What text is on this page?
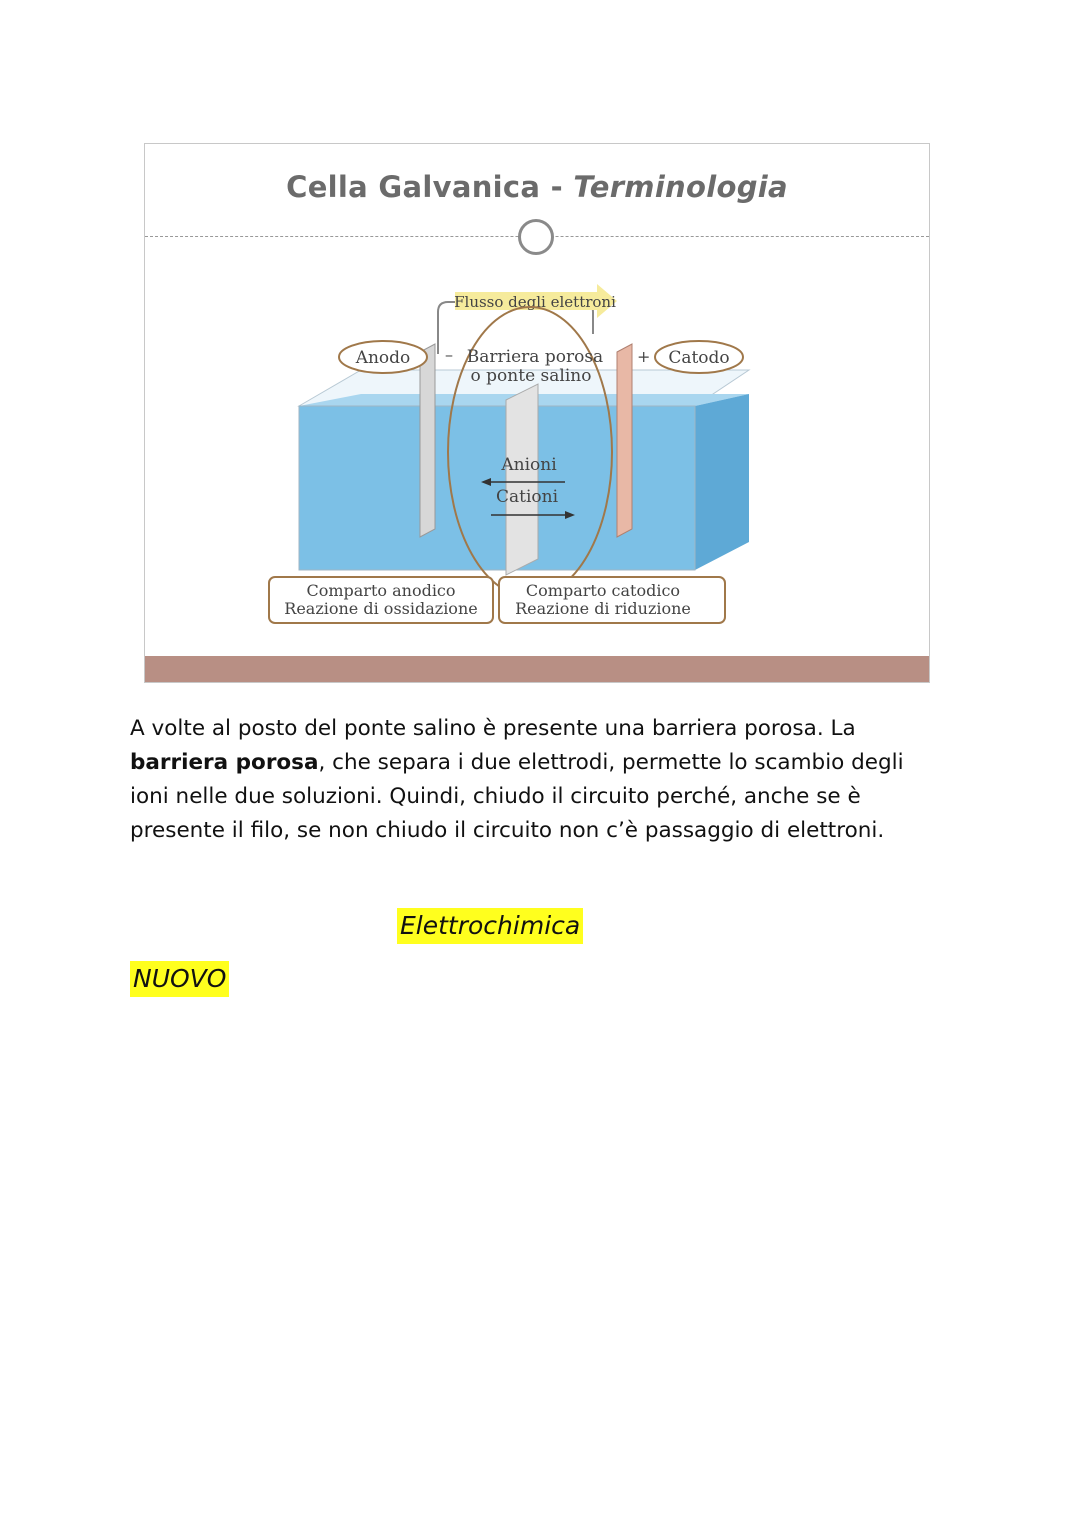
Cella Galvanica - Terminologia
Flusso degli elettroni
Anodo –	Catodo
+
Barriera porosa
o ponte salino
Anioni
Cationi
Comparto anodico
Reazione di ossidazione
Comparto catodico
Reazione di riduzione
A volte al posto del ponte salino è presente una barriera porosa. La barriera porosa, che separa i due elettrodi, permette lo scambio degli ioni nelle due soluzioni. Quindi, chiudo il circuito perché, anche se è presente il filo, se non chiudo il circuito non c’è passaggio di elettroni.
Elettrochimica
NUOVO
